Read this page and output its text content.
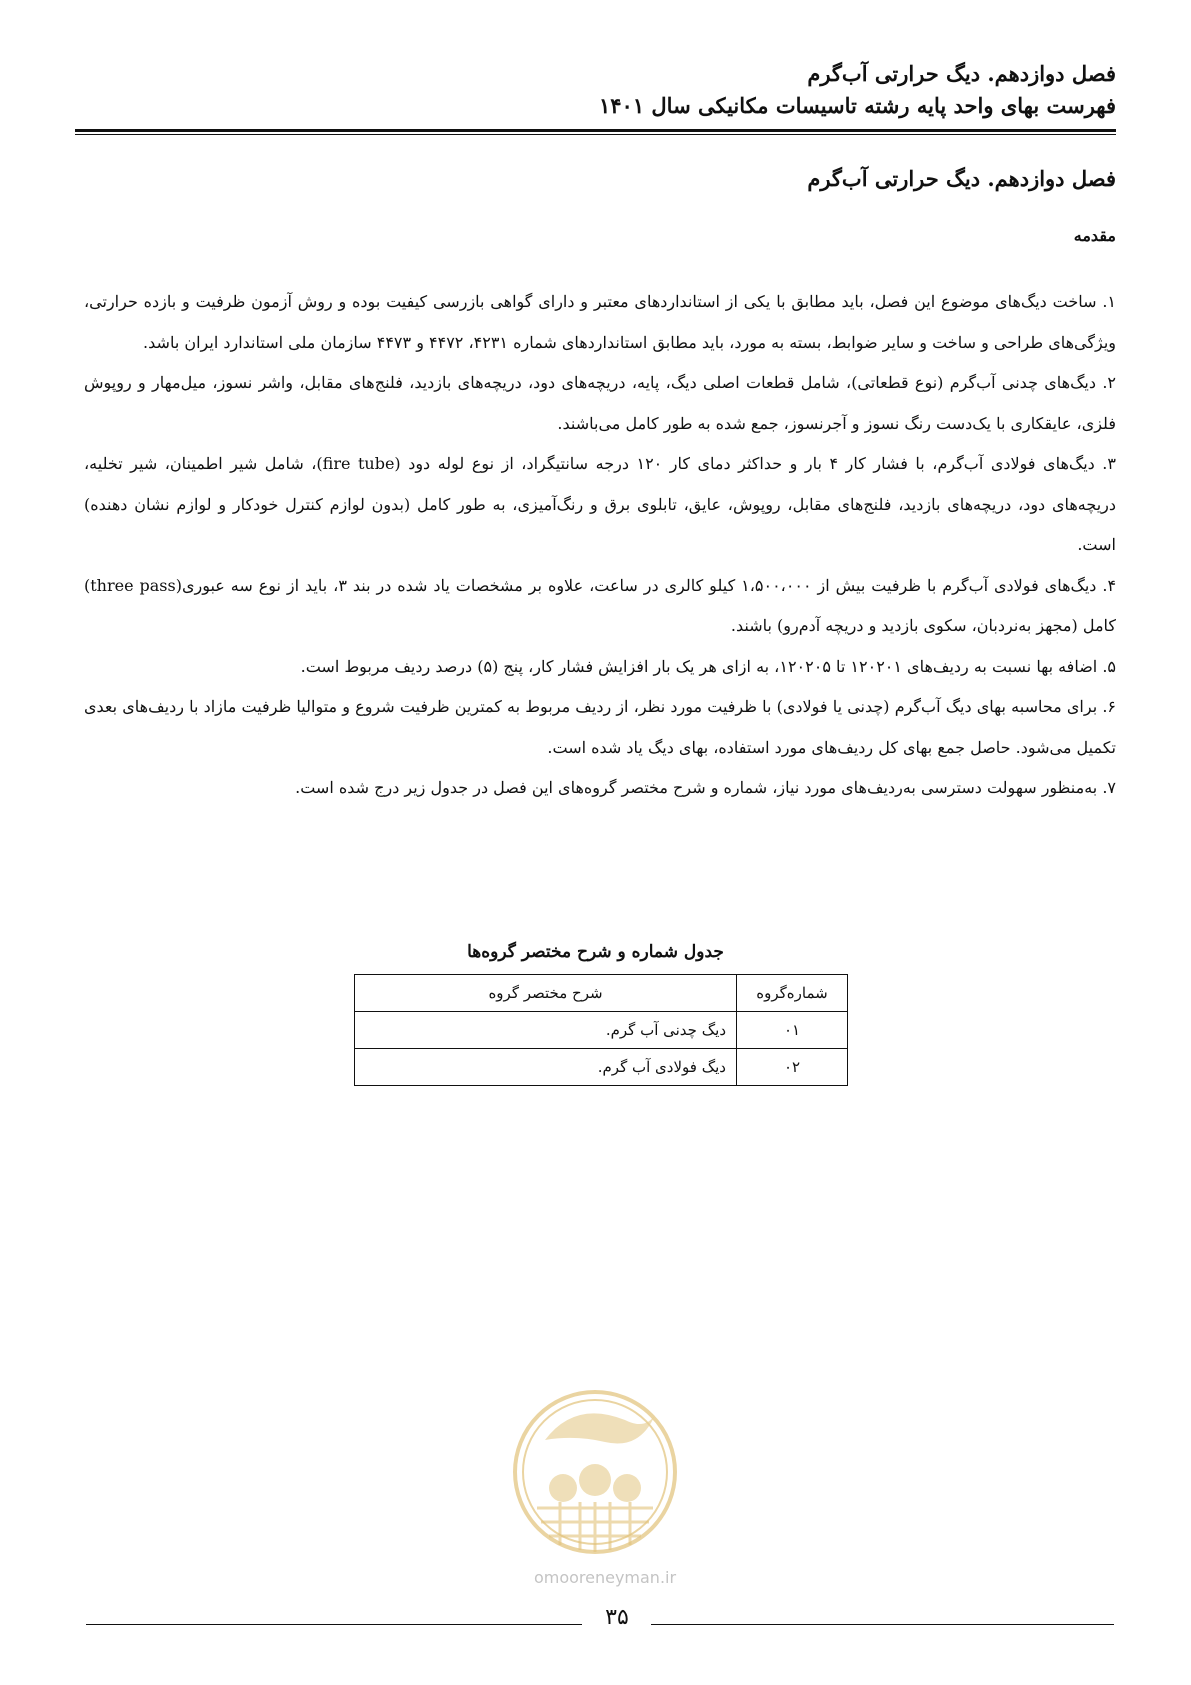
فصل دوازدهم. دیگ حرارتی آب‌گرم
فهرست بهای واحد پایه رشته تاسیسات مکانیکی سال ۱۴۰۱
فصل دوازدهم. دیگ حرارتی آب‌گرم
مقدمه

۱. ساخت دیگ‌های موضوع این فصل، باید مطابق با یکی از استانداردهای معتبر و دارای گواهی بازرسی کیفیت بوده و روش آزمون ظرفیت و بازده حرارتی، ویژگی‌های طراحی و ساخت و سایر ضوابط، بسته به مورد، باید مطابق استانداردهای شماره ۴۲۳۱، ۴۴۷۲ و ۴۴۷۳ سازمان ملی استاندارد ایران باشد.

۲. دیگ‌های چدنی آب‌گرم (نوع قطعاتی)، شامل قطعات اصلی دیگ، پایه، دریچه‌های دود، دریچه‌های بازدید، فلنج‌های مقابل، واشر نسوز، میل‌مهار و روپوش فلزی، عایقکاری با یک‌دست رنگ نسوز و آجرنسوز، جمع شده به طور کامل می‌باشند.

۳. دیگ‌های فولادی آب‌گرم، با فشار کار ۴ بار و حداکثر دمای کار ۱۲۰ درجه سانتیگراد، از نوع لوله دود (fire tube)، شامل شیر اطمینان، شیر تخلیه، دریچه‌های دود، دریچه‌های بازدید، فلنج‌های مقابل، روپوش، عایق، تابلوی برق و رنگ‌آمیزی، به طور کامل (بدون لوازم کنترل خودکار و لوازم نشان دهنده) است.

۴. دیگ‌های فولادی آب‌گرم با ظرفیت بیش از ۱،۵۰۰،۰۰۰ کیلو کالری در ساعت، علاوه بر مشخصات یاد شده در بند ۳، باید از نوع سه عبوری(three pass) کامل (مجهز به‌نردبان، سکوی بازدید و دریچه آدم‌رو) باشند.

۵. اضافه بها نسبت به ردیف‌های ۱۲۰۲۰۱ تا ۱۲۰۲۰۵، به ازای هر یک بار افزایش فشار کار، پنج (۵) درصد ردیف مربوط است.

۶. برای محاسبه بهای دیگ آب‌گرم (چدنی یا فولادی) با ظرفیت مورد نظر، از ردیف مربوط به کمترین ظرفیت شروع و متوالیا ظرفیت مازاد با ردیف‌های بعدی تکمیل می‌شود. حاصل جمع بهای کل ردیف‌های مورد استفاده، بهای دیگ یاد شده است.

۷. به‌منظور سهولت دسترسی به‌ردیف‌های مورد نیاز، شماره و شرح مختصر گروه‌های این فصل در جدول زیر درج شده است.

جدول شماره و شرح مختصر گروه‌ها
شماره‌گروه	شرح مختصر گروه
۰۱	دیگ چدنی آب گرم.
۰۲	دیگ فولادی آب گرم.
omooreneyman.ir
۳۵
